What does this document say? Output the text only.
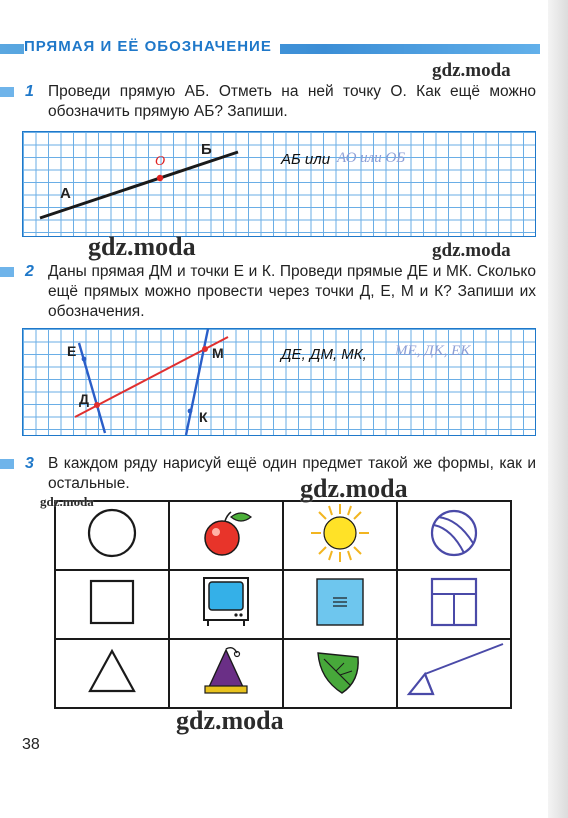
ПРЯМАЯ И ЕЁ ОБОЗНАЧЕНИЕ
1 Проведи прямую АБ. Отметь на ней точку О. Как ещё можно обозначить прямую АБ? Запиши.
А
Б
О	АБ или АО или ОБ
2 Даны прямая ДМ и точки Е и К. Проведи прямые ДЕ и МК. Сколько ещё прямых можно провести через точки Д, Е, М и К? Запиши их обозначения.
Е	М
Д
К
ДЕ, ДМ, МК, МЕ, ДК, ЕК
3 В каждом ряду нарисуй ещё один предмет такой же формы, как и остальные.

gdz.moda
gdz.moda	gdz.moda
gdz.moda
gdz.moda
gdz.moda
38
